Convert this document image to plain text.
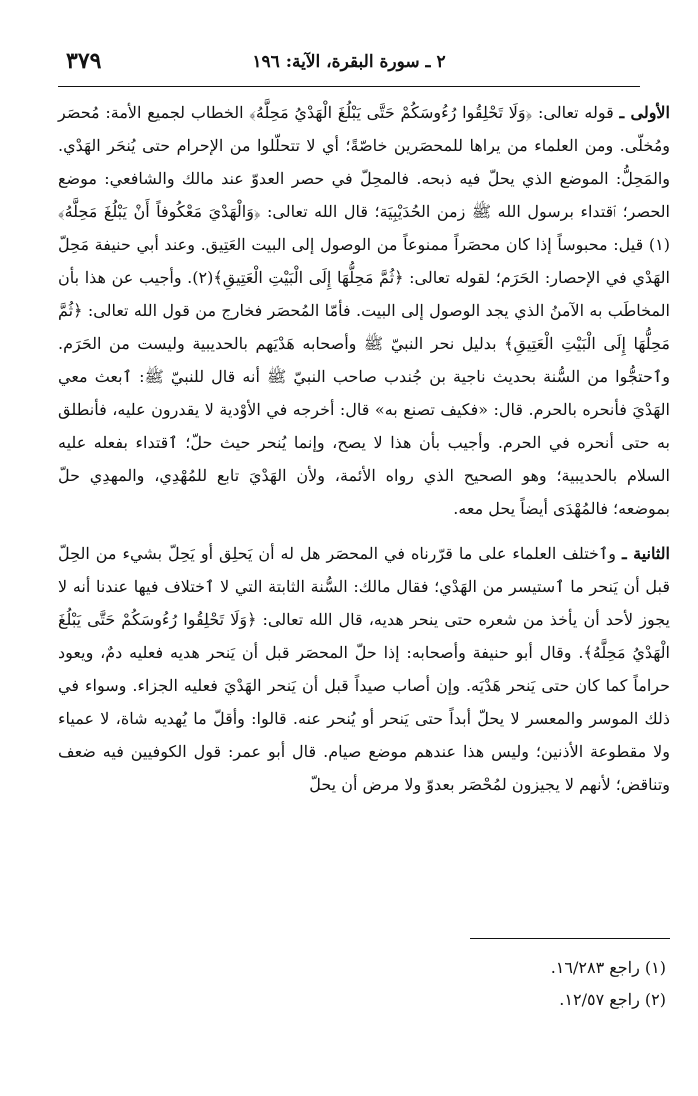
٣٧٩	٢ ـ سورة البقرة، الآية: ١٩٦

الأولى ـ قوله تعالى: ﴿وَلَا تَحْلِقُوا رُءُوسَكُمْ حَتَّى يَبْلُغَ الْهَدْيُ مَحِلَّهُ﴾ الخطاب لجميع الأمة: مُحصَر ومُخلّى. ومن العلماء من يراها للمحصَرين خاصّةً؛ أي لا تتحلّلوا من الإحرام حتى يُنحَر الهَدْي. والمَحِلُّ: الموضع الذي يحلّ فيه ذبحه. فالمحِلّ في حصر العدوّ عند مالك والشافعي: موضع الحصر؛ ٱقتداء برسول الله ﷺ زمن الحُدَيْبِيَة؛ قال الله تعالى: ﴿وَالْهَدْيَ مَعْكُوفاً أَنْ يَبْلُغَ مَحِلَّهُ﴾(١) قيل: محبوساً إذا كان محصَراً ممنوعاً من الوصول إلى البيت العَتِيق. وعند أبي حنيفة مَحِلّ الهَدْي في الإحصار: الحَرَم؛ لقوله تعالى: ﴿ثُمَّ مَحِلُّهَا إِلَى الْبَيْتِ الْعَتِيقِ﴾(٢). وأجيب عن هذا بأن المخاطَب به الآمنُ الذي يجد الوصول إلى البيت. فأمّا المُحصَر فخارج من قول الله تعالى: ﴿ثُمَّ مَحِلُّهَا إِلَى الْبَيْتِ الْعَتِيقِ﴾ بدليل نحر النبيّ ﷺ وأصحابه هَدْيَهم بالحديبية وليست من الحَرَم. وٱحتجُّوا من السُّنة بحديث ناجية بن جُندب صاحب النبيّ ﷺ أنه قال للنبيّ ﷺ: ٱبعث معي الهَدْيَ فأنحره بالحرم. قال: «فكيف تصنع به» قال: أخرجه في الأوْدية لا يقدرون عليه، فأنطلق به حتى أنحره في الحرم. وأجيب بأن هذا لا يصح، وإنما يُنحر حيث حلّ؛ ٱقتداء بفعله عليه السلام بالحديبية؛ وهو الصحيح الذي رواه الأئمة، ولأن الهَدْيَ تابع للمُهْدِي، والمهدِي حلّ بموضعه؛ فالمُهْدَى أيضاً يحل معه.

الثانية ـ وٱختلف العلماء على ما قرّرناه في المحصَر هل له أن يَحلِق أو يَحِلّ بشيء من الحِلّ قبل أن يَنحر ما ٱستيسر من الهَدْي؛ فقال مالك: السُّنة الثابتة التي لا ٱختلاف فيها عندنا أنه لا يجوز لأحد أن يأخذ من شعره حتى ينحر هديه، قال الله تعالى: ﴿وَلَا تَحْلِقُوا رُءُوسَكُمْ حَتَّى يَبْلُغَ الْهَدْيُ مَحِلَّهُ﴾. وقال أبو حنيفة وأصحابه: إذا حلّ المحصَر قبل أن يَنحر هديه فعليه دمٌ، ويعود حراماً كما كان حتى يَنحر هَدْيَه. وإن أصاب صيداً قبل أن يَنحر الهَدْيَ فعليه الجزاء. وسواء في ذلك الموسر والمعسر لا يحلّ أبداً حتى يَنحر أو يُنحر عنه. قالوا: وأقلّ ما يُهديه شاة، لا عمياء ولا مقطوعة الأذنين؛ وليس هذا عندهم موضع صيام. قال أبو عمر: قول الكوفيين فيه ضعف وتناقض؛ لأنهم لا يجيزون لمُحْصَر بعدوّ ولا مرض أن يحلّ

(١) راجع ١٦/٢٨٣.

(٢) راجع ١٢/٥٧.
